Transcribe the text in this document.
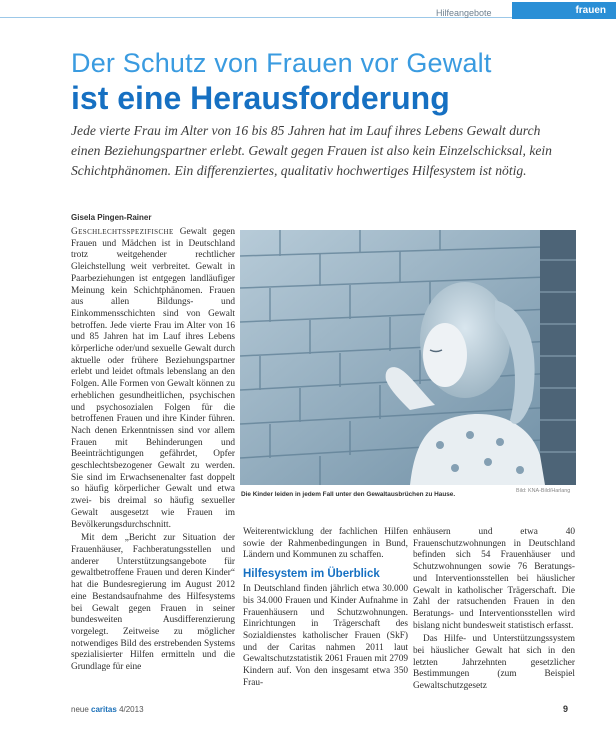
Hilfeangebote	frauen
Der Schutz von Frauen vor Gewalt
ist eine Herausforderung
Jede vierte Frau im Alter von 16 bis 85 Jahren hat im Lauf ihres Lebens Gewalt durch einen Beziehungspartner erlebt. Gewalt gegen Frauen ist also kein Einzelschicksal, kein Schichtphänomen. Ein differenziertes, qualitativ hochwertiges Hilfesystem ist nötig.
Gisela Pingen-Rainer

Geschlechtsspezifische Gewalt gegen Frauen und Mädchen ist in Deutschland trotz weitgehender rechtlicher Gleichstellung weit verbreitet. Gewalt in Paarbeziehungen ist entgegen landläufiger Meinung kein Schichtphänomen. Frauen aus allen Bildungs- und Einkommensschichten sind von Gewalt betroffen. Jede vierte Frau im Alter von 16 und 85 Jahren hat im Lauf ihres Lebens körperliche oder/und sexuelle Gewalt durch aktuelle oder frühere Beziehungspartner erlebt und leidet oftmals lebenslang an den Folgen. Alle Formen von Gewalt können zu erheblichen gesundheitlichen, psychischen und psychosozialen Folgen für die betroffenen Frauen und ihre Kinder führen. Nach denen Erkenntnissen sind vor allem Frauen mit Behinderungen und Beeinträchtigungen gefährdet, Opfer geschlechtsbezogener Gewalt zu werden. Sie sind im Erwachsenenalter fast doppelt so häufig körperlicher Gewalt und etwa zwei- bis dreimal so häufig sexueller Gewalt ausgesetzt wie Frauen im Bevölkerungsdurchschnitt.

Mit dem „Bericht zur Situation der Frauenhäuser, Fachberatungsstellen und anderer Unterstützungsangebote für gewaltbetroffene Frauen und deren Kinder“ hat die Bundesregierung im August 2012 eine Bestandsaufnahme des Hilfesystems bei Gewalt gegen Frauen in seiner bundesweiten Ausdifferenzierung vorgelegt. Zeitweise zu möglicher notwendiges Bild des erstrebenden Systems spezialisierter Hilfen ermitteln und die Grundlage für eine

Die Kinder leiden in jedem Fall unter den Gewaltausbrüchen zu Hause.	Bild: KNA-Bild/Harlang

Weiterentwicklung der fachlichen Hilfen sowie der Rahmenbedingungen in Bund, Ländern und Kommunen zu schaffen.

Hilfesystem im Überblick

In Deutschland finden jährlich etwa 30.000 bis 34.000 Frauen und Kinder Aufnahme in Frauenhäusern und Schutzwohnungen. Einrichtungen in Trägerschaft des Sozialdienstes katholischer Frauen (SkF) und der Caritas nahmen 2011 laut Gewaltschutzstatistik 2061 Frauen mit 2709 Kindern auf. Von den insgesamt etwa 350 Frau-

enhäusern und etwa 40 Frauenschutzwohnungen in Deutschland befinden sich 54 Frauenhäuser und Schutzwohnungen sowie 76 Beratungs- und Interventionsstellen bei häuslicher Gewalt in katholischer Trägerschaft. Die Zahl der ratsuchenden Frauen in den Beratungs- und Interventionsstellen wird bislang nicht bundesweit statistisch erfasst.

Das Hilfe- und Unterstützungssystem bei häuslicher Gewalt hat sich in den letzten Jahrzehnten gesetzlicher Bestimmungen (zum Beispiel Gewaltschutzgesetz

neue caritas 4/2013	9
